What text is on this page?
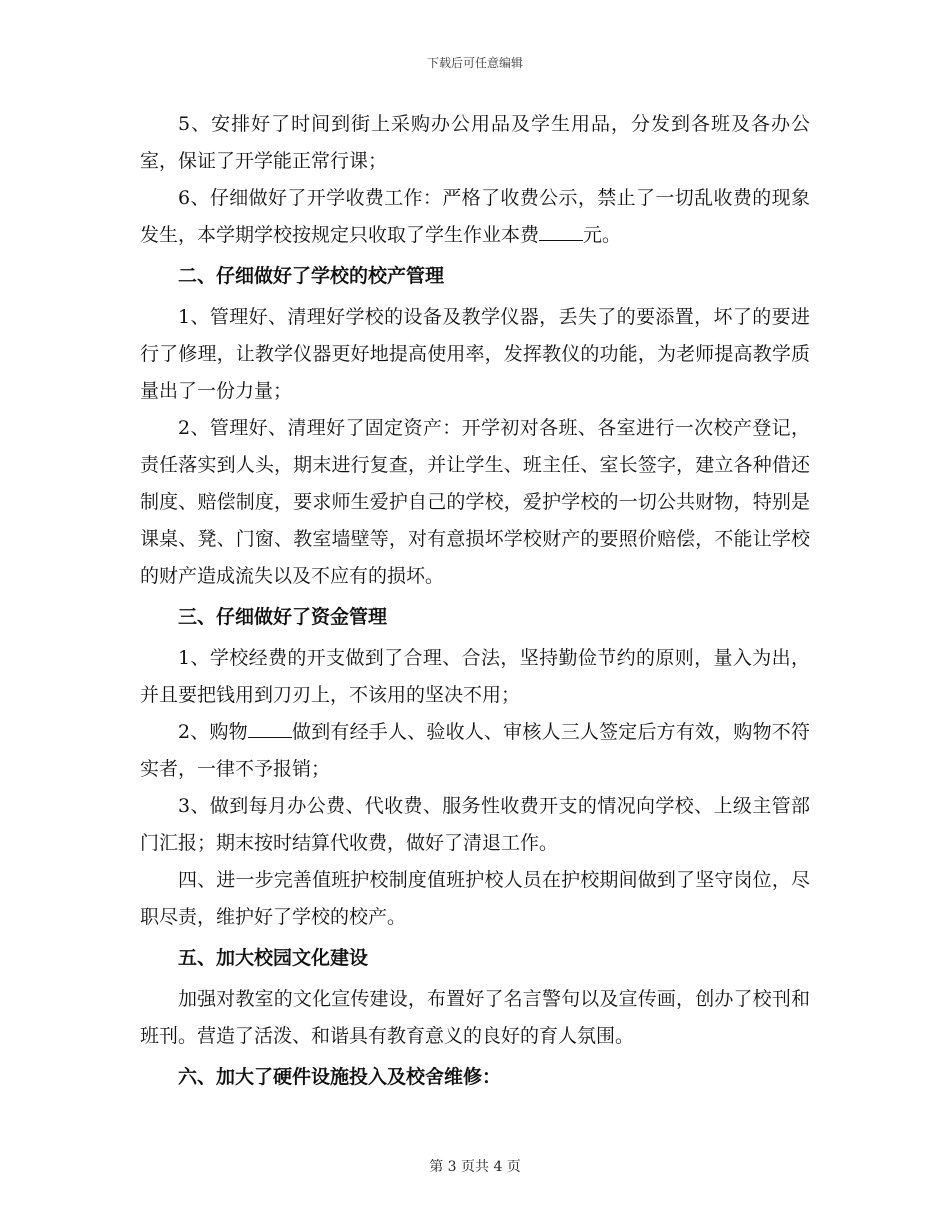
下载后可任意编辑

5、安排好了时间到街上采购办公用品及学生用品，分发到各班及各办公室，保证了开学能正常行课；

6、仔细做好了开学收费工作：严格了收费公示，禁止了一切乱收费的现象发生，本学期学校按规定只收取了学生作业本费 元。

二、仔细做好了学校的校产管理

1、管理好、清理好学校的设备及教学仪器，丢失了的要添置，坏了的要进行了修理，让教学仪器更好地提高使用率，发挥教仪的功能，为老师提高教学质量出了一份力量；

2、管理好、清理好了固定资产：开学初对各班、各室进行一次校产登记，责任落实到人头，期末进行复查，并让学生、班主任、室长签字，建立各种借还制度、赔偿制度，要求师生爱护自己的学校，爱护学校的一切公共财物，特别是课桌、凳、门窗、教室墙壁等，对有意损坏学校财产的要照价赔偿，不能让学校的财产造成流失以及不应有的损坏。

三、仔细做好了资金管理

1、学校经费的开支做到了合理、合法，坚持勤俭节约的原则，量入为出，并且要把钱用到刀刃上，不该用的坚决不用；

2、购物 做到有经手人、验收人、审核人三人签定后方有效，购物不符实者，一律不予报销；

3、做到每月办公费、代收费、服务性收费开支的情况向学校、上级主管部门汇报；期末按时结算代收费，做好了清退工作。

四、进一步完善值班护校制度值班护校人员在护校期间做到了坚守岗位，尽职尽责，维护好了学校的校产。

五、加大校园文化建设

加强对教室的文化宣传建设，布置好了名言警句以及宣传画，创办了校刊和班刊。营造了活泼、和谐具有教育意义的良好的育人氛围。

六、加大了硬件设施投入及校舍维修：

第 3 页共 4 页
